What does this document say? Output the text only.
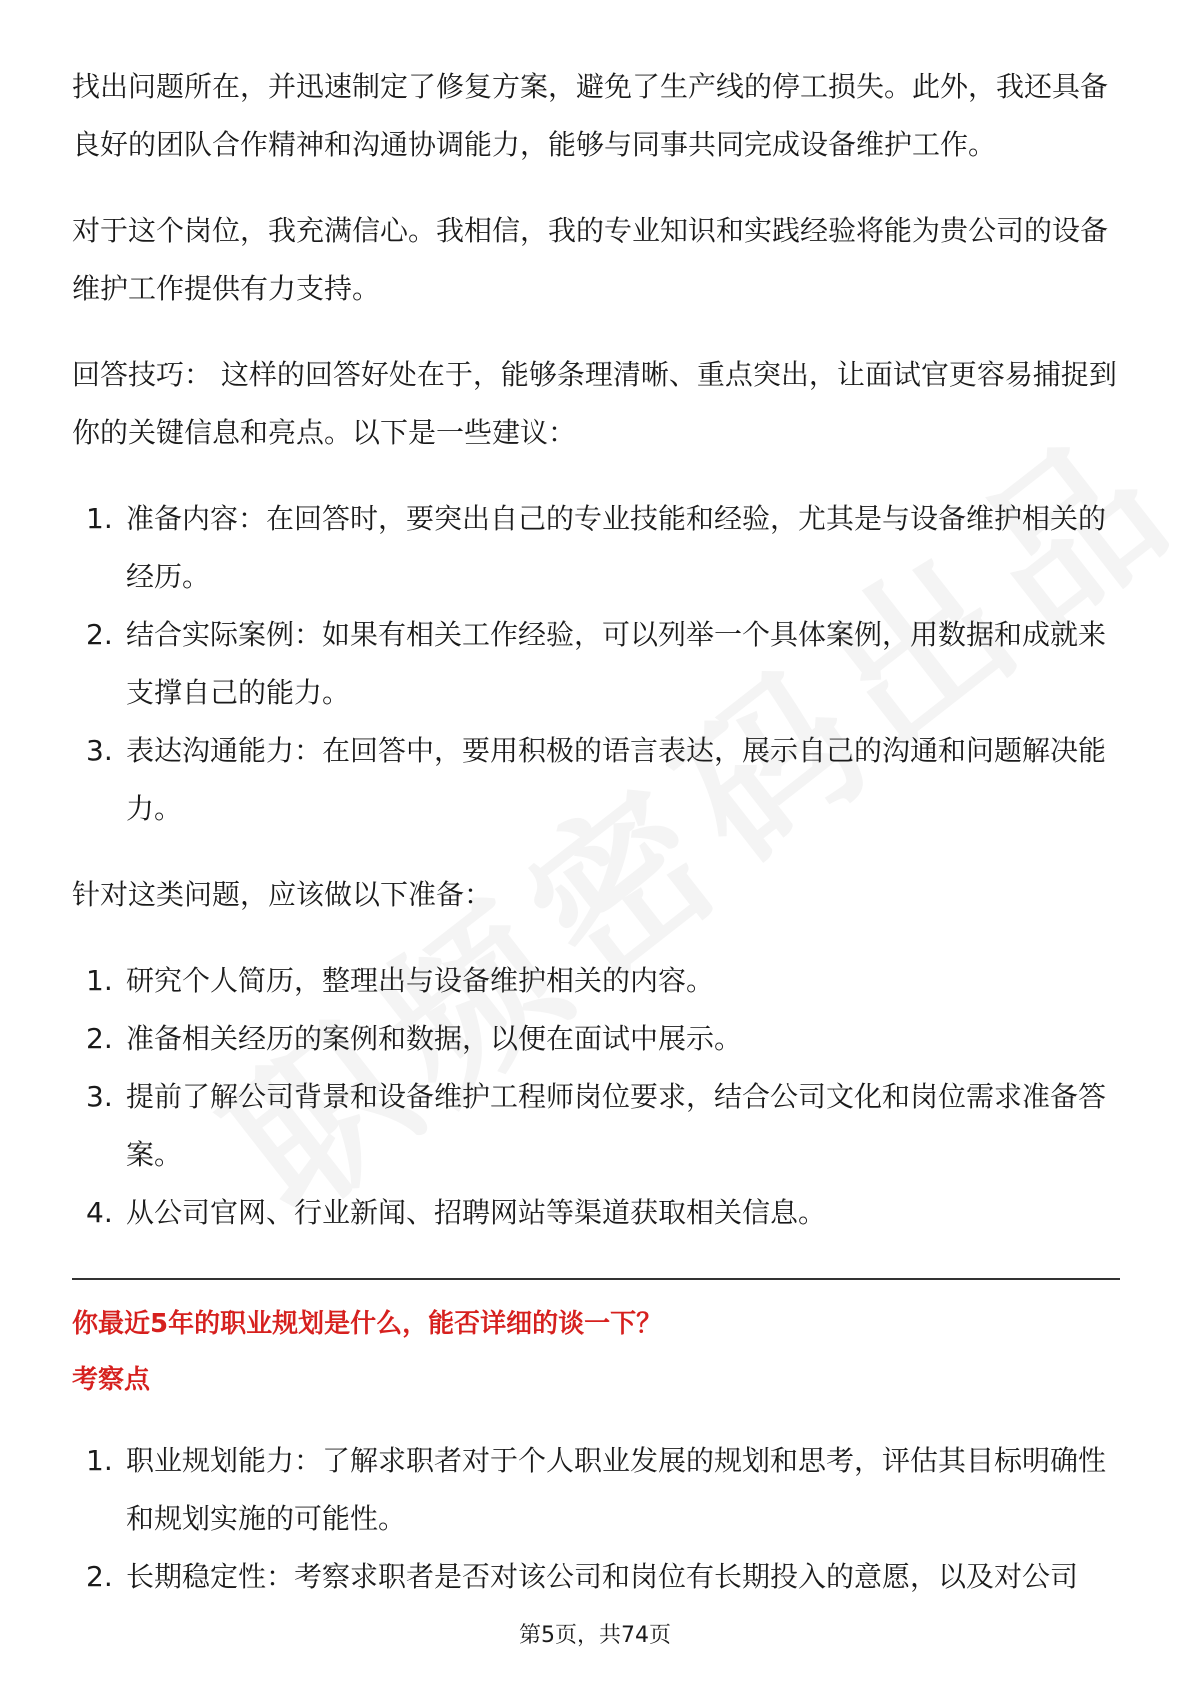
找出问题所在，并迅速制定了修复方案，避免了生产线的停工损失。此外，我还具备良好的团队合作精神和沟通协调能力，能够与同事共同完成设备维护工作。

对于这个岗位，我充满信心。我相信，我的专业知识和实践经验将能为贵公司的设备维护工作提供有力支持。

回答技巧： 这样的回答好处在于，能够条理清晰、重点突出，让面试官更容易捕捉到你的关键信息和亮点。以下是一些建议：

1. 准备内容：在回答时，要突出自己的专业技能和经验，尤其是与设备维护相关的经历。
2. 结合实际案例：如果有相关工作经验，可以列举一个具体案例，用数据和成就来支撑自己的能力。
3. 表达沟通能力：在回答中，要用积极的语言表达，展示自己的沟通和问题解决能力。

针对这类问题，应该做以下准备：

1. 研究个人简历，整理出与设备维护相关的内容。
2. 准备相关经历的案例和数据，以便在面试中展示。
3. 提前了解公司背景和设备维护工程师岗位要求，结合公司文化和岗位需求准备答案。
4. 从公司官网、行业新闻、招聘网站等渠道获取相关信息。

你最近5年的职业规划是什么，能否详细的谈一下？

考察点

1. 职业规划能力：了解求职者对于个人职业发展的规划和思考，评估其目标明确性和规划实施的可能性。
2. 长期稳定性：考察求职者是否对该公司和岗位有长期投入的意愿，以及对公司
第5页，共74页
